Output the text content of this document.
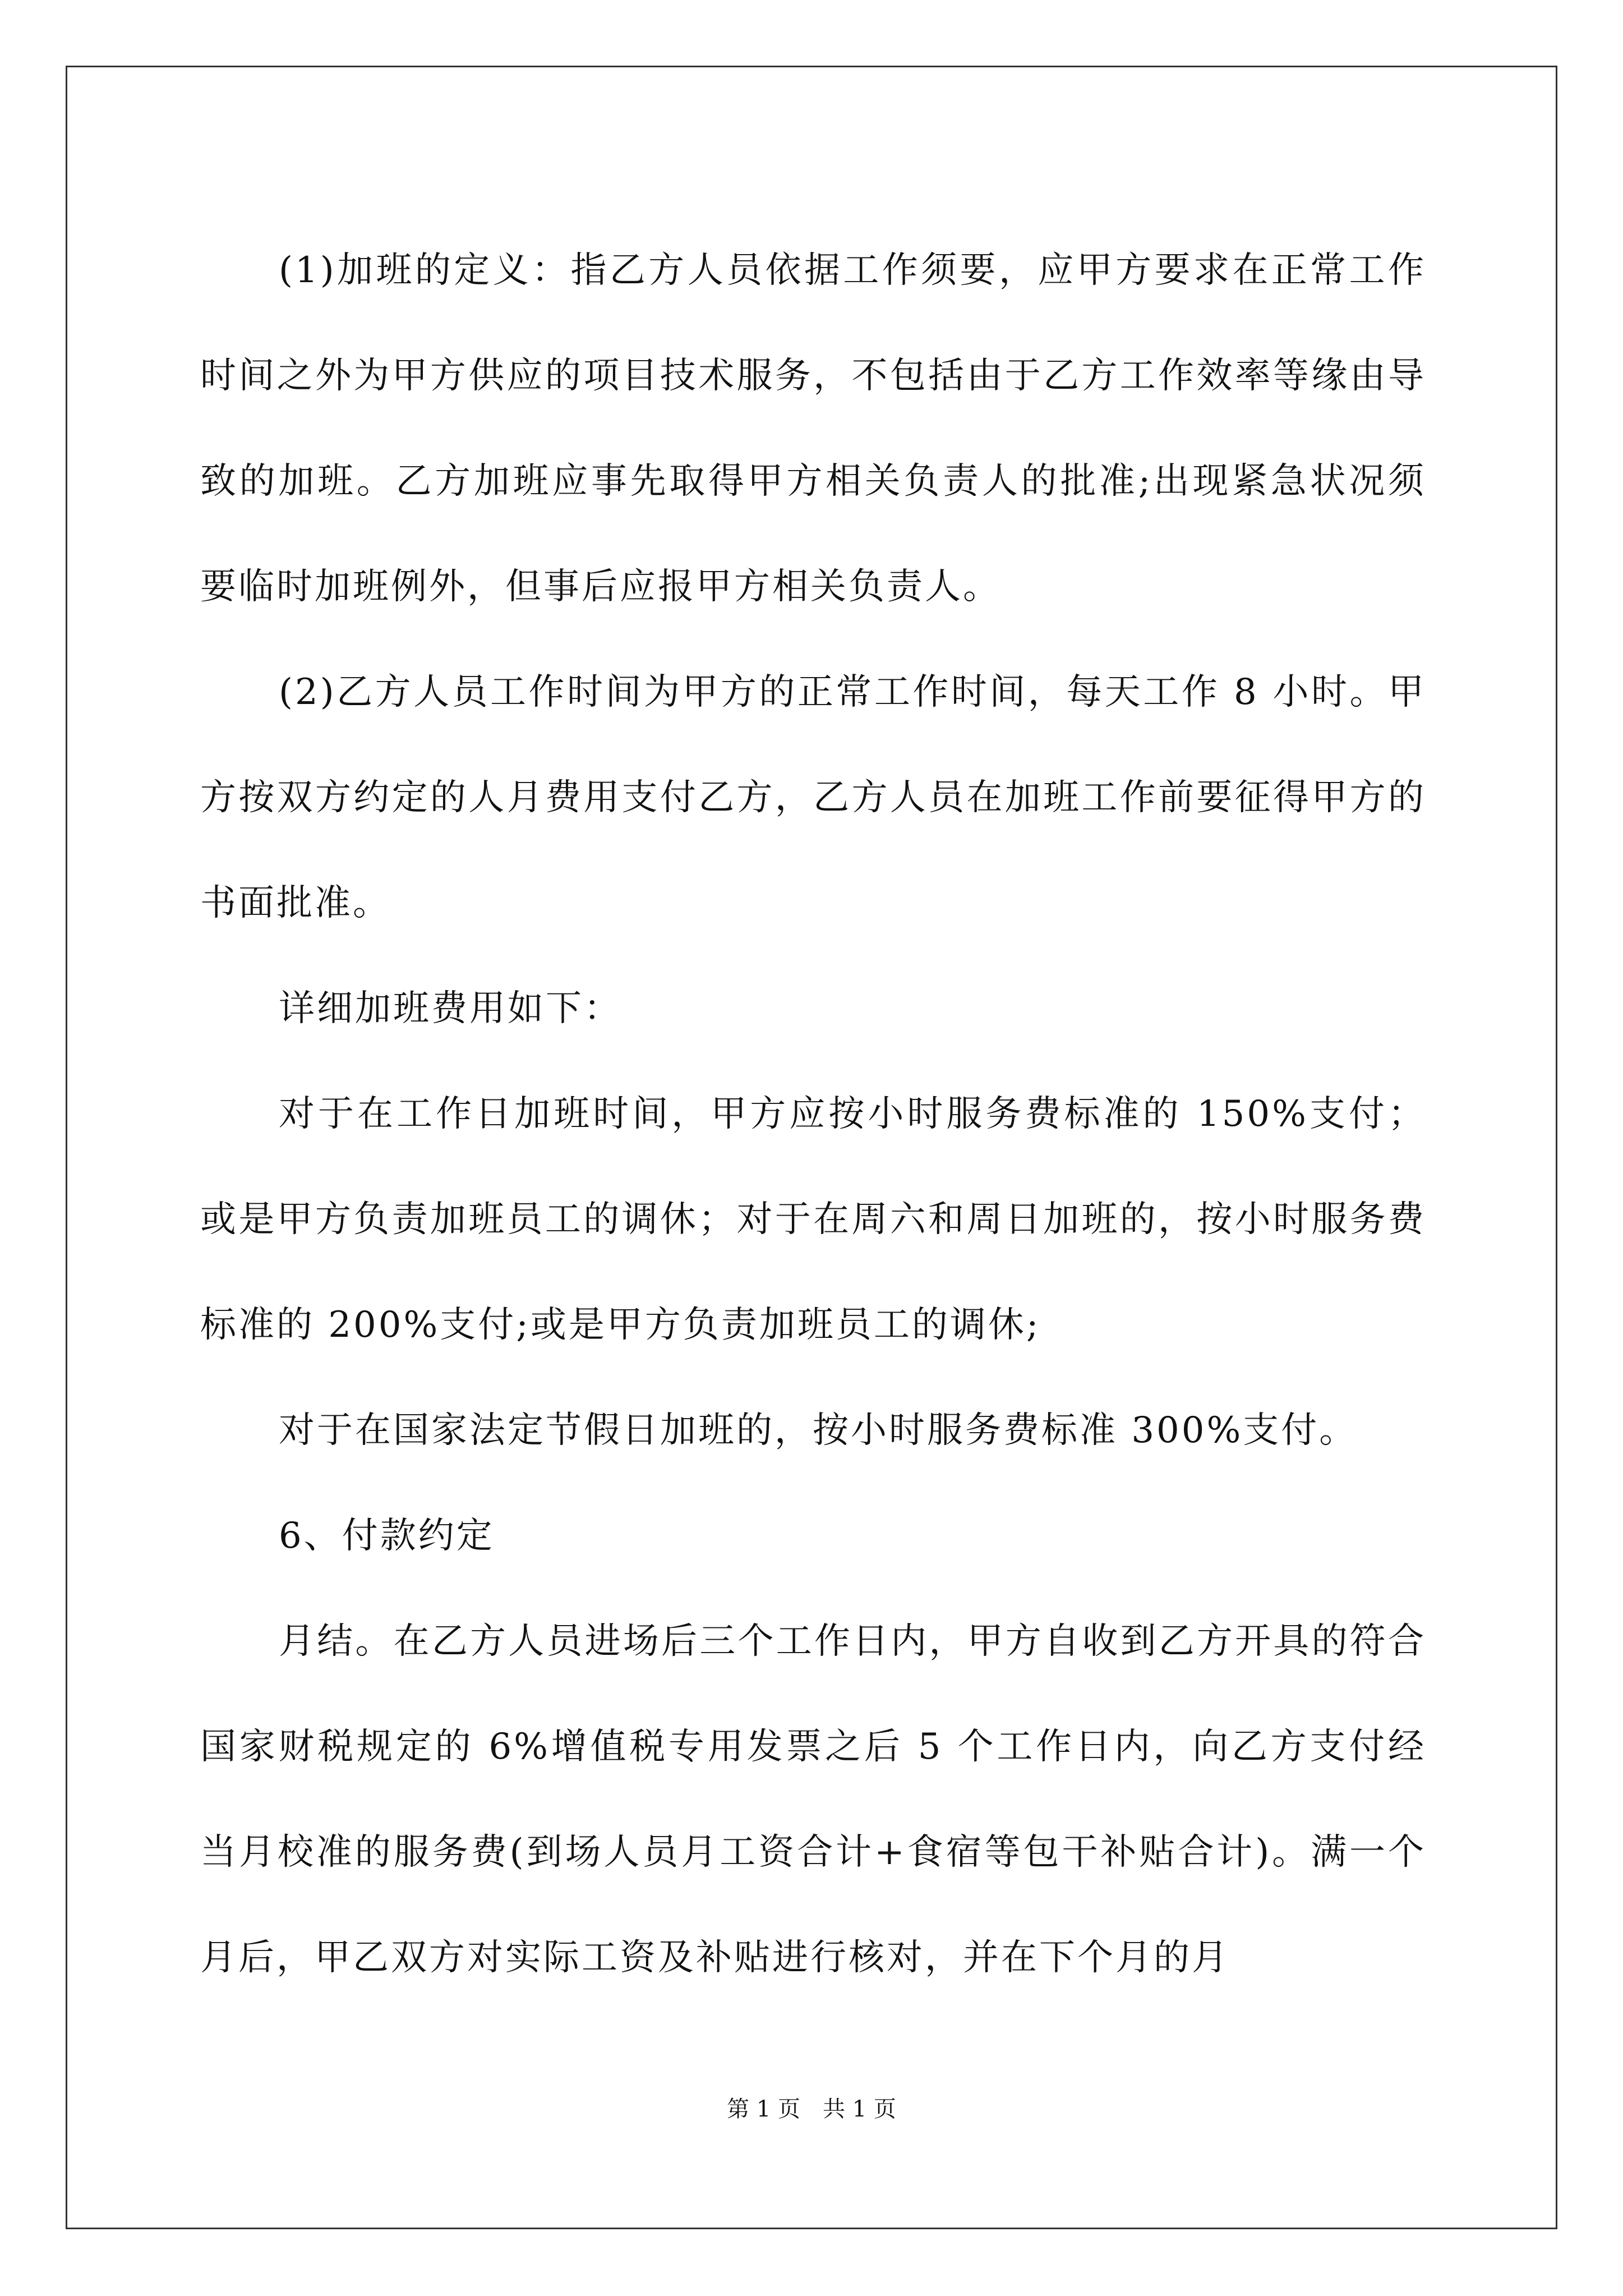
(1)加班的定义：指乙方人员依据工作须要，应甲方要求在正常工作时间之外为甲方供应的项目技术服务，不包括由于乙方工作效率等缘由导致的加班。乙方加班应事先取得甲方相关负责人的批准;出现紧急状况须要临时加班例外，但事后应报甲方相关负责人。

(2)乙方人员工作时间为甲方的正常工作时间，每天工作 8 小时。甲方按双方约定的人月费用支付乙方，乙方人员在加班工作前要征得甲方的书面批准。

详细加班费用如下：

对于在工作日加班时间，甲方应按小时服务费标准的 150%支付；或是甲方负责加班员工的调休；对于在周六和周日加班的，按小时服务费标准的 200%支付;或是甲方负责加班员工的调休;

对于在国家法定节假日加班的，按小时服务费标准 300%支付。

6、付款约定

月结。在乙方人员进场后三个工作日内，甲方自收到乙方开具的符合国家财税规定的 6%增值税专用发票之后 5 个工作日内，向乙方支付经当月校准的服务费(到场人员月工资合计+食宿等包干补贴合计)。满一个月后，甲乙双方对实际工资及补贴进行核对，并在下个月的月

第 1 页　共 1 页
